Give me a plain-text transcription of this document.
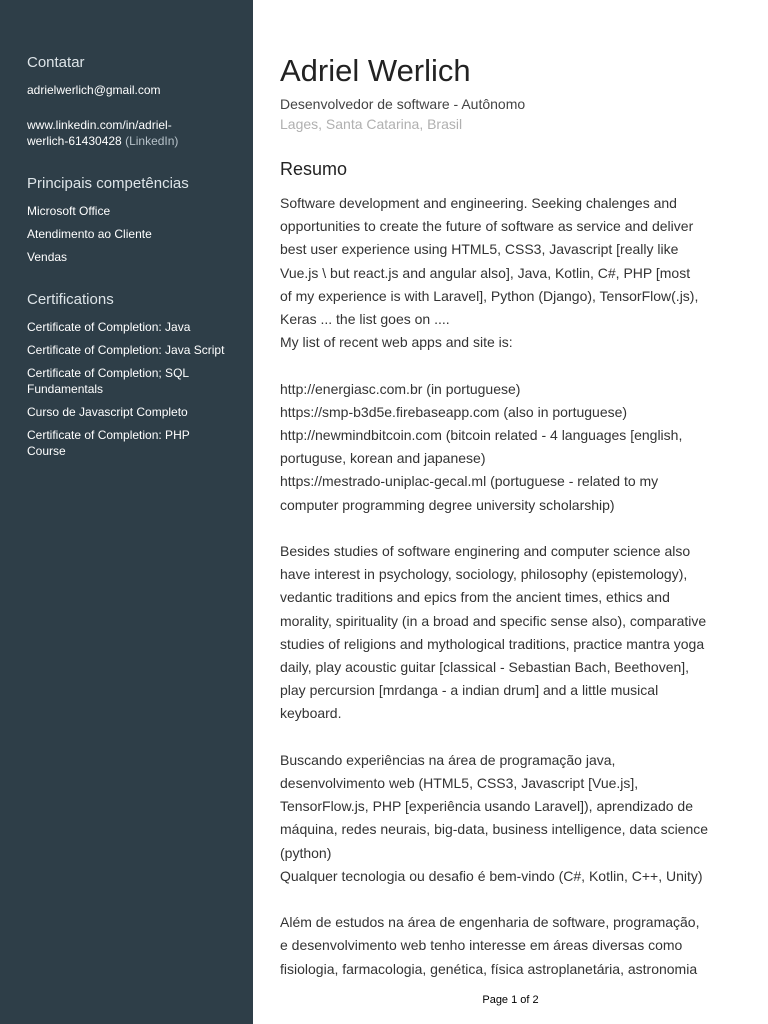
Contatar
adrielwerlich@gmail.com
www.linkedin.com/in/adriel-
werlich-61430428 (LinkedIn)
Principais competências
Microsoft Office
Atendimento ao Cliente
Vendas
Certifications
Certificate of Completion: Java
Certificate of Completion: Java Script
Certificate of Completion; SQL
Fundamentals
Curso de Javascript Completo
Certificate of Completion: PHP
Course
Adriel Werlich
Desenvolvedor de software - Autônomo
Lages, Santa Catarina, Brasil
Resumo
Software development and engineering. Seeking chalenges and
opportunities to create the future of software as service and deliver
best user experience using HTML5, CSS3, Javascript [really like
Vue.js \ but react.js and angular also], Java, Kotlin, C#, PHP [most
of my experience is with Laravel], Python (Django), TensorFlow(.js),
Keras ... the list goes on ....
My list of recent web apps and site is:
http://energiasc.com.br (in portuguese)
https://smp-b3d5e.firebaseapp.com (also in portuguese)
http://newmindbitcoin.com (bitcoin related - 4 languages [english,
portuguse, korean and japanese)
https://mestrado-uniplac-gecal.ml (portuguese - related to my
computer programming degree university scholarship)
Besides studies of software enginering and computer science also
have interest in psychology, sociology, philosophy (epistemology),
vedantic traditions and epics from the ancient times, ethics and
morality, spirituality (in a broad and specific sense also), comparative
studies of religions and mythological traditions, practice mantra yoga
daily, play acoustic guitar [classical - Sebastian Bach, Beethoven],
play percursion [mrdanga - a indian drum] and a little musical
keyboard.
Buscando experiências na área de programação java,
desenvolvimento web (HTML5, CSS3, Javascript [Vue.js],
TensorFlow.js, PHP [experiência usando Laravel]), aprendizado de
máquina, redes neurais, big-data, business intelligence, data science
(python)
Qualquer tecnologia ou desafio é bem-vindo (C#, Kotlin, C++, Unity)
Além de estudos na área de engenharia de software, programação,
e desenvolvimento web tenho interesse em áreas diversas como
fisiologia, farmacologia, genética, física astroplanetária, astronomia
Page 1 of 2
